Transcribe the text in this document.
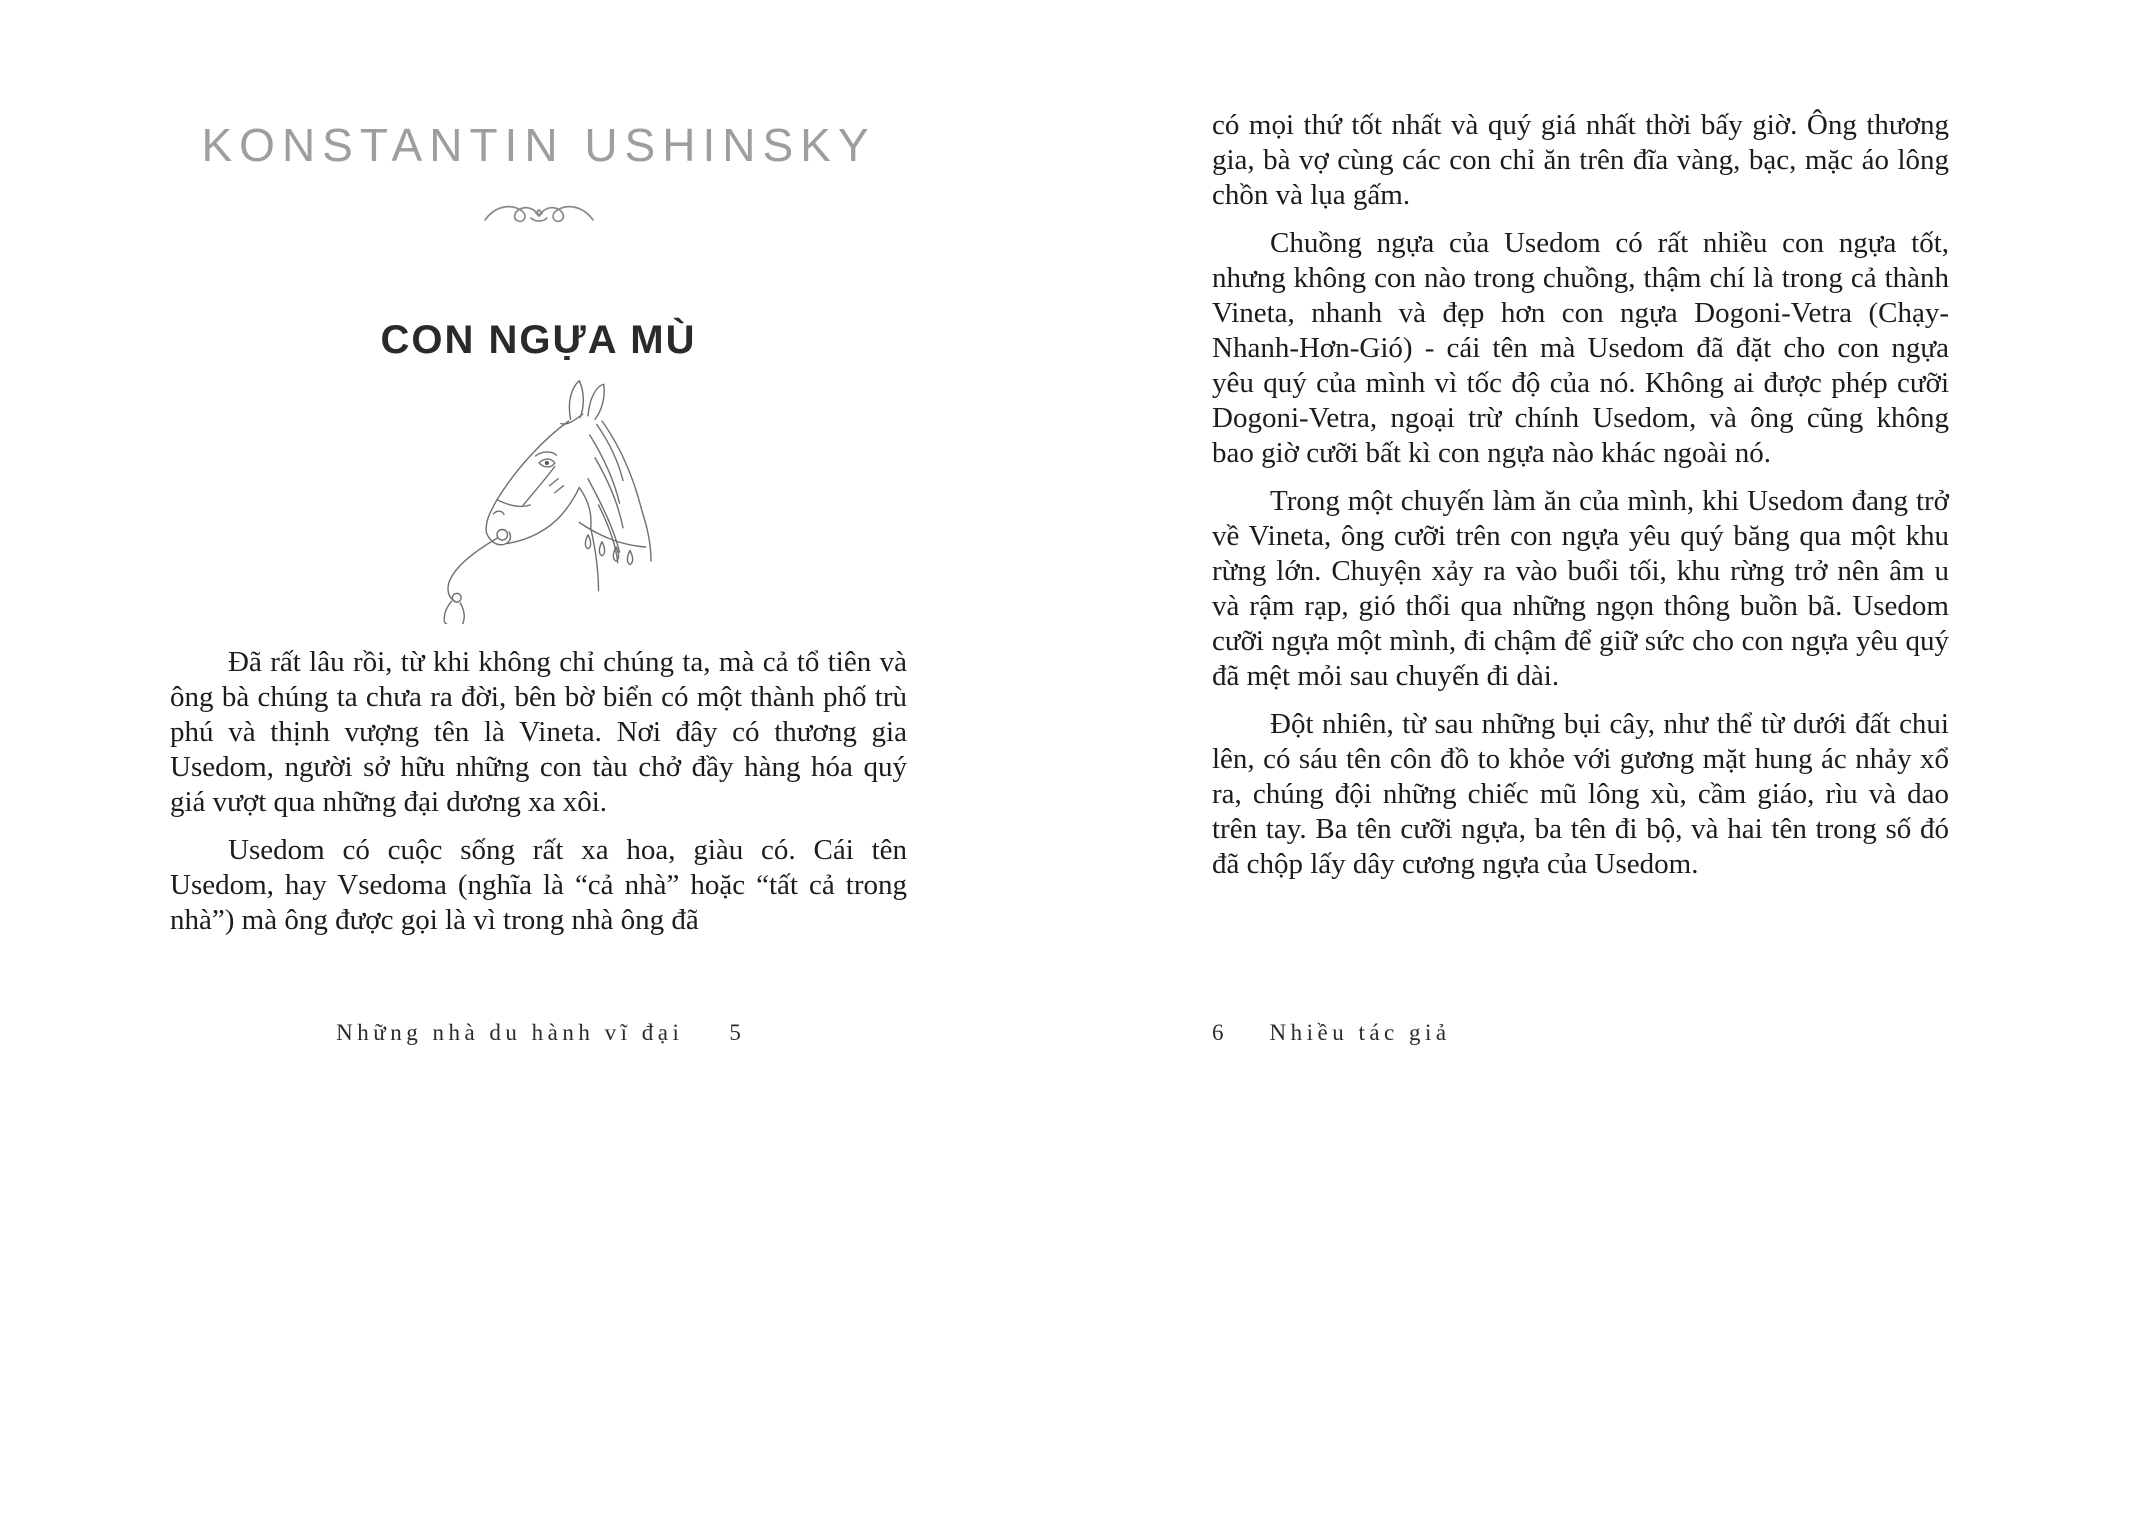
KONSTANTIN USHINSKY
CON NGỰA MÙ

Đã rất lâu rồi, từ khi không chỉ chúng ta, mà cả tổ tiên và ông bà chúng ta chưa ra đời, bên bờ biển có một thành phố trù phú và thịnh vượng tên là Vineta. Nơi đây có thương gia Usedom, người sở hữu những con tàu chở đầy hàng hóa quý giá vượt qua những đại dương xa xôi.

Usedom có cuộc sống rất xa hoa, giàu có. Cái tên Usedom, hay Vsedoma (nghĩa là “cả nhà” hoặc “tất cả trong nhà”) mà ông được gọi là vì trong nhà ông đã

Những nhà du hành vĩ đại 5

có mọi thứ tốt nhất và quý giá nhất thời bấy giờ. Ông thương gia, bà vợ cùng các con chỉ ăn trên đĩa vàng, bạc, mặc áo lông chồn và lụa gấm.

Chuồng ngựa của Usedom có rất nhiều con ngựa tốt, nhưng không con nào trong chuồng, thậm chí là trong cả thành Vineta, nhanh và đẹp hơn con ngựa Dogoni-Vetra (Chạy-Nhanh-Hơn-Gió) - cái tên mà Usedom đã đặt cho con ngựa yêu quý của mình vì tốc độ của nó. Không ai được phép cưỡi Dogoni-Vetra, ngoại trừ chính Usedom, và ông cũng không bao giờ cưỡi bất kì con ngựa nào khác ngoài nó.

Trong một chuyến làm ăn của mình, khi Usedom đang trở về Vineta, ông cưỡi trên con ngựa yêu quý băng qua một khu rừng lớn. Chuyện xảy ra vào buổi tối, khu rừng trở nên âm u và rậm rạp, gió thổi qua những ngọn thông buồn bã. Usedom cưỡi ngựa một mình, đi chậm để giữ sức cho con ngựa yêu quý đã mệt mỏi sau chuyến đi dài.

Đột nhiên, từ sau những bụi cây, như thể từ dưới đất chui lên, có sáu tên côn đồ to khỏe với gương mặt hung ác nhảy xổ ra, chúng đội những chiếc mũ lông xù, cầm giáo, rìu và dao trên tay. Ba tên cưỡi ngựa, ba tên đi bộ, và hai tên trong số đó đã chộp lấy dây cương ngựa của Usedom.

6 Nhiều tác giả
